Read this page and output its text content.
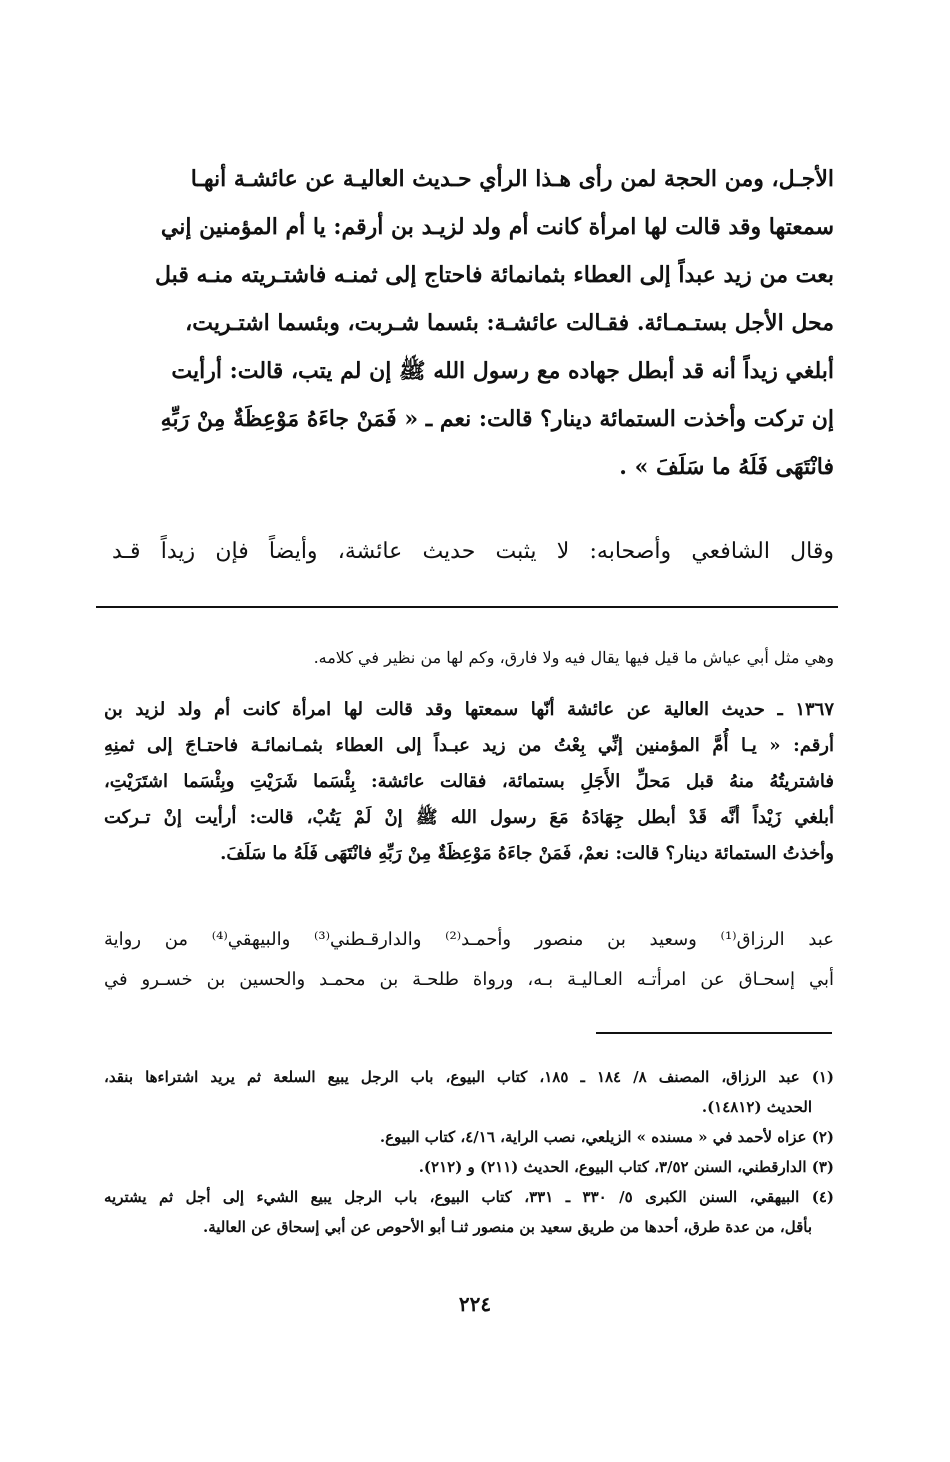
الأجـل، ومن الحجة لمن رأى هـذا الرأي حـديث العاليـة عن عائشـة أنهـا
سمعتها وقد قالت لها امرأة كانت أم ولد لزيـد بن أرقم: يا أم المؤمنين إني
بعت من زيد عبداً إلى العطاء بثمانمائة فاحتاج إلى ثمنـه فاشتـريته منـه قبل
محل الأجل بستـمـائة. فقـالت عائشـة: بئسما شـربت، وبئسما اشتـريت،
أبلغي زيداً أنه قد أبطل جهاده مع رسول الله ﷺ إن لم يتب، قالت: أرأيت
إن تركت وأخذت الستمائة دينار؟ قالت: نعم ـ « فَمَنْ جاءَهُ مَوْعِظَةٌ مِنْ رَبِّهِ
فانْتَهَى فَلَهُ ما سَلَفَ » .
وقال الشافعي وأصحابه: لا يثبت حديث عائشة، وأيضاً فإن زيداً قـد
وهي مثل أبي عياش ما قيل فيها يقال فيه ولا فارق، وكم لها من نظير في كلامه.
١٣٦٧ ـ حديث العالية عن عائشة أنّها سمعتها وقد قالت لها امرأة كانت أم ولد لزيد بن
أرقم: « يـا أُمَّ المؤمنين إنِّي بِعْتُ من زيد عبـداً إلى العطاء بثمـانمائـة فاحتـاجَ إلى ثمنِهِ
فاشتريتُهُ منهُ قبل مَحلِّ الأَجَلِ بستمائة، فقالت عائشة: بِئْسَما شَرَيْتِ وبِئْسَما اشتَرَيْتِ،
أبلغي زَيْداً أنَّه قَدْ أبطل جِهَادَهُ مَعَ رسول الله ﷺ إنْ لَمْ يَتُبْ، قالت: أرأيت إنْ تـركت
وأخذتُ الستمائة دينار؟ قالت: نعمْ، فَمَنْ جاءَهُ مَوْعِظَةٌ مِنْ رَبِّهِ فانْتَهَى فَلَهُ ما سَلَفَ.
عبد الرزاق⁽¹⁾ وسعيد بن منصور وأحمـد⁽²⁾ والدارقـطني⁽³⁾ والبيهقي⁽⁴⁾ من رواية
أبي إسحـاق عن امرأتـه العـاليـة بـه، ورواة طلحـة بن محمـد والحسين بن خسـرو في
(١) عبد الرزاق، المصنف ٨/ ١٨٤ ـ ١٨٥، كتاب البيوع، باب الرجل يبيع السلعة ثم يريد اشتراءها بنقد،
الحديث (١٤٨١٢).
(٢) عزاه لأحمد في « مسنده » الزيلعي، نصب الراية، ٤/١٦، كتاب البيوع.
(٣) الدارقطني، السنن ٣/٥٢، كتاب البيوع، الحديث (٢١١) و (٢١٢).
(٤) البيهقي، السنن الكبرى ٥/ ٣٣٠ ـ ٣٣١، كتاب البيوع، باب الرجل يبيع الشيء إلى أجل ثم يشتريه
بأقل، من عدة طرق، أحدها من طريق سعيد بن منصور ثنـا أبو الأحوص عن أبي إسحاق عن العالية.
٢٢٤
